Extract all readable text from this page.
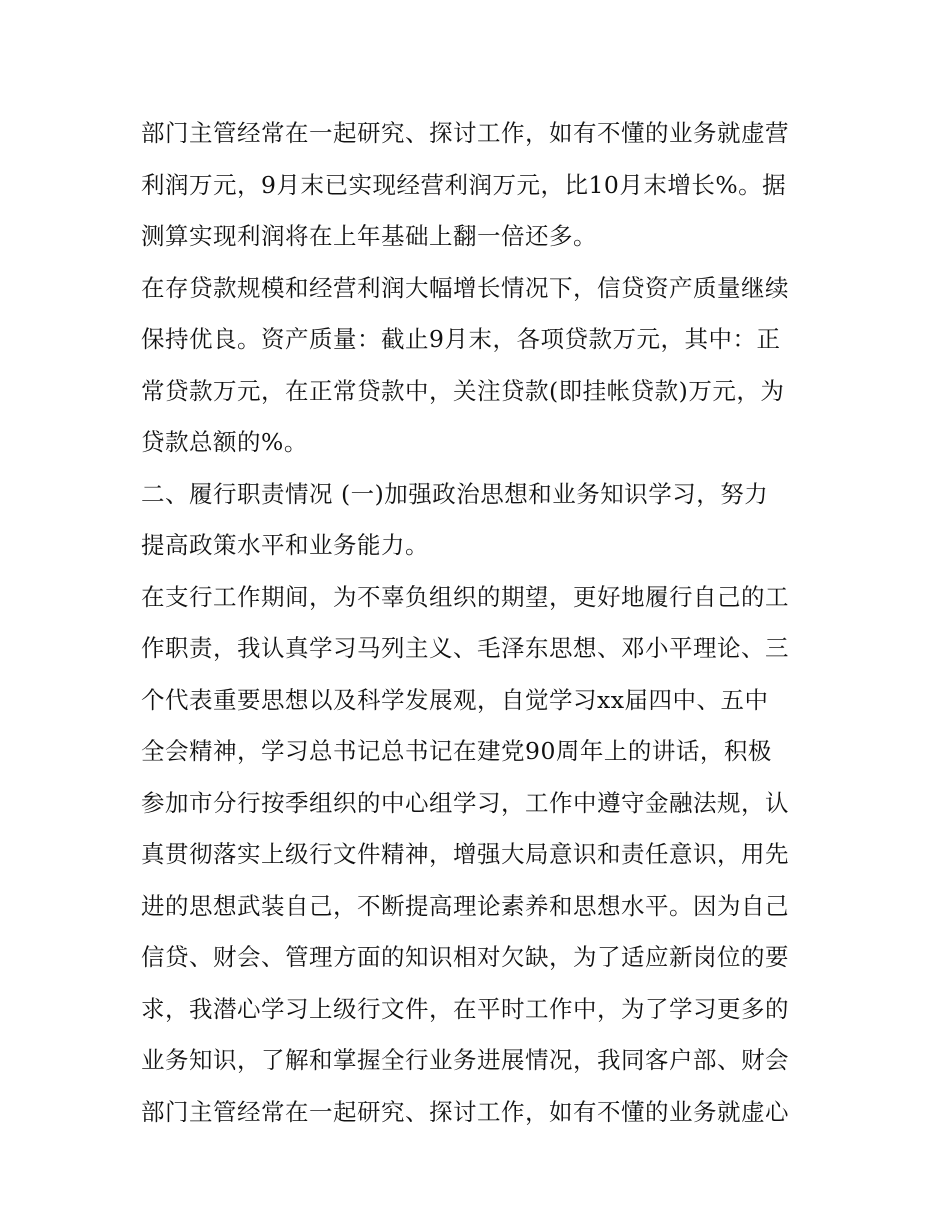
部门主管经常在一起研究、探讨工作，如有不懂的业务就虚营
利润万元，9月末已实现经营利润万元，比10月末增长%。据
测算实现利润将在上年基础上翻一倍还多。
在存贷款规模和经营利润大幅增长情况下，信贷资产质量继续
保持优良。资产质量：截止9月末，各项贷款万元，其中：正
常贷款万元，在正常贷款中，关注贷款(即挂帐贷款)万元，为
贷款总额的%。
二、履行职责情况 (一)加强政治思想和业务知识学习，努力
提高政策水平和业务能力。
在支行工作期间，为不辜负组织的期望，更好地履行自己的工
作职责，我认真学习马列主义、毛泽东思想、邓小平理论、三
个代表重要思想以及科学发展观，自觉学习xx届四中、五中
全会精神，学习总书记总书记在建党90周年上的讲话，积极
参加市分行按季组织的中心组学习，工作中遵守金融法规，认
真贯彻落实上级行文件精神，增强大局意识和责任意识，用先
进的思想武装自己，不断提高理论素养和思想水平。因为自己
信贷、财会、管理方面的知识相对欠缺，为了适应新岗位的要
求，我潜心学习上级行文件，在平时工作中，为了学习更多的
业务知识，了解和掌握全行业务进展情况，我同客户部、财会
部门主管经常在一起研究、探讨工作，如有不懂的业务就虚心
